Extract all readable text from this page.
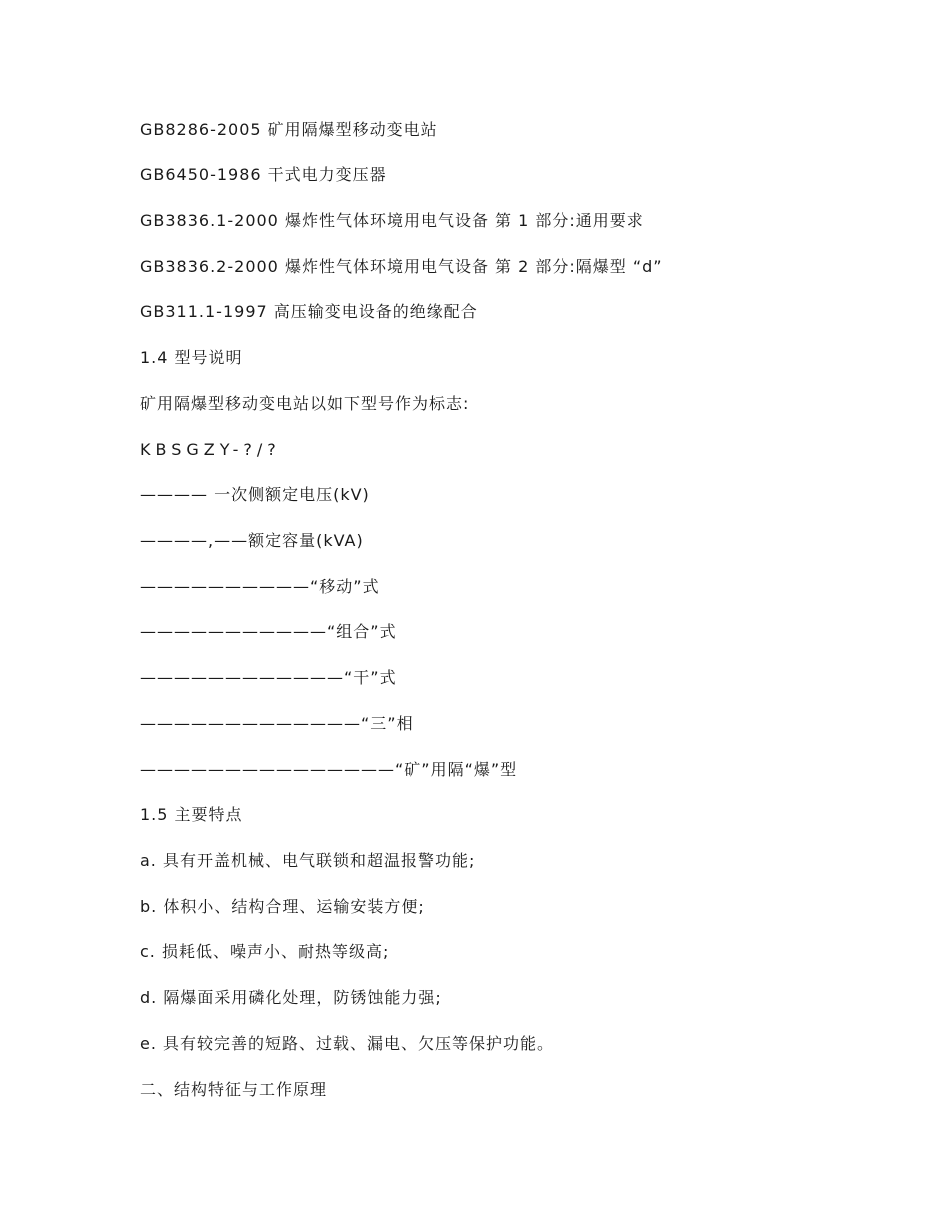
GB8286-2005 矿用隔爆型移动变电站
GB6450-1986 干式电力变压器
GB3836.1-2000 爆炸性气体环境用电气设备 第 1 部分:通用要求
GB3836.2-2000 爆炸性气体环境用电气设备 第 2 部分:隔爆型 “d”
GB311.1-1997 高压输变电设备的绝缘配合
1.4 型号说明
矿用隔爆型移动变电站以如下型号作为标志:
KBSGZY-?/?
———— 一次侧额定电压(kV)
————,——额定容量(kVA)
——————————“移动”式
———————————“组合”式
————————————“干”式
—————————————“三”相
———————————————“矿”用隔“爆”型
1.5 主要特点
a. 具有开盖机械、电气联锁和超温报警功能;
b. 体积小、结构合理、运输安装方便;
c. 损耗低、噪声小、耐热等级高;
d. 隔爆面采用磷化处理，防锈蚀能力强;
e. 具有较完善的短路、过载、漏电、欠压等保护功能。
二、结构特征与工作原理
